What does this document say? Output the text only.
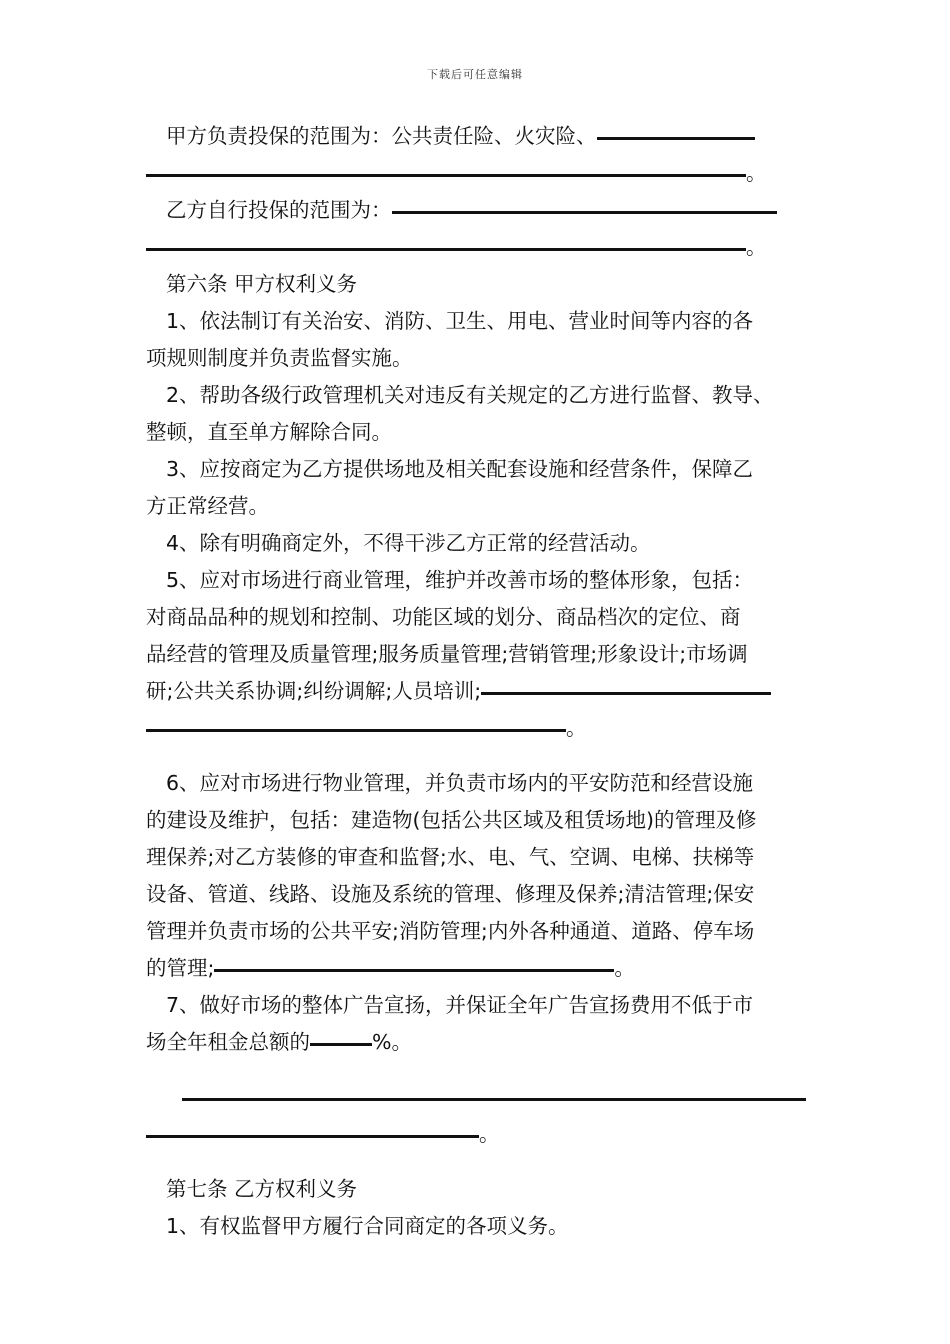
下载后可任意编辑
甲方负责投保的范围为：公共责任险、火灾险、
。
乙方自行投保的范围为：
。
第六条 甲方权利义务
1、依法制订有关治安、消防、卫生、用电、营业时间等内容的各
项规则制度并负责监督实施。
2、帮助各级行政管理机关对违反有关规定的乙方进行监督、教导、
整顿，直至单方解除合同。
3、应按商定为乙方提供场地及相关配套设施和经营条件，保障乙
方正常经营。
4、除有明确商定外，不得干涉乙方正常的经营活动。
5、应对市场进行商业管理，维护并改善市场的整体形象，包括：
对商品品种的规划和控制、功能区域的划分、商品档次的定位、商
品经营的管理及质量管理;服务质量管理;营销管理;形象设计;市场调
研;公共关系协调;纠纷调解;人员培训;
。
6、应对市场进行物业管理，并负责市场内的平安防范和经营设施
的建设及维护，包括：建造物(包括公共区域及租赁场地)的管理及修
理保养;对乙方装修的审查和监督;水、电、气、空调、电梯、扶梯等
设备、管道、线路、设施及系统的管理、修理及保养;清洁管理;保安
管理并负责市场的公共平安;消防管理;内外各种通道、道路、停车场
的管理;	。
7、做好市场的整体广告宣扬，并保证全年广告宣扬费用不低于市
场全年租金总额的	%。
。
第七条 乙方权利义务
1、有权监督甲方履行合同商定的各项义务。
